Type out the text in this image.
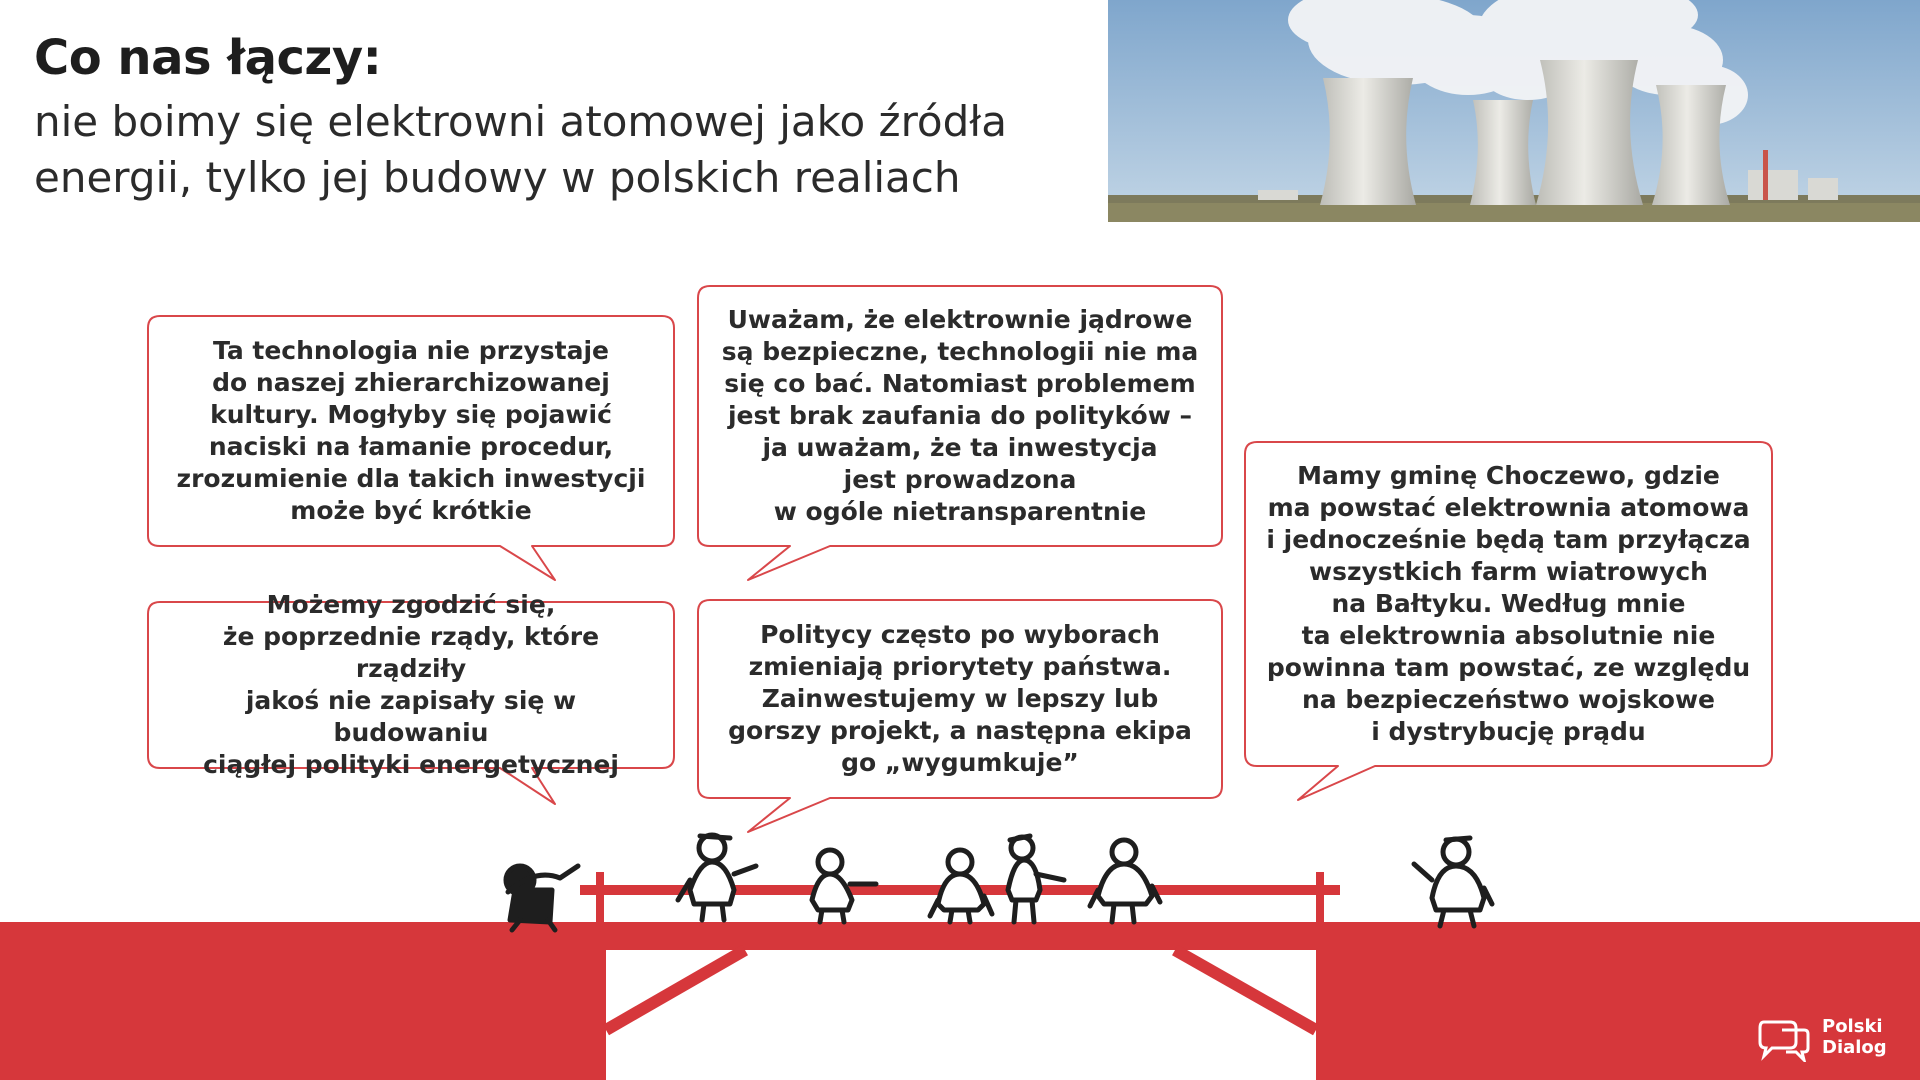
Co nas łączy:

nie boimy się elektrowni atomowej jako źródła energii, tylko jej budowy w polskich realiach

Ta technologia nie przystaje
do naszej zhierarchizowanej
kultury. Mogłyby się pojawić
naciski na łamanie procedur,
zrozumienie dla takich inwestycji
może być krótkie

Uważam, że elektrownie jądrowe
są bezpieczne, technologii nie ma
się co bać. Natomiast problemem
jest brak zaufania do polityków –
ja uważam, że ta inwestycja
jest prowadzona
w ogóle nietransparentnie

Możemy zgodzić się,
że poprzednie rządy, które rządziły
jakoś nie zapisały się w budowaniu
ciągłej polityki energetycznej

Politycy często po wyborach
zmieniają priorytety państwa.
Zainwestujemy w lepszy lub
gorszy projekt, a następna ekipa
go „wygumkuje”

Mamy gminę Choczewo, gdzie
ma powstać elektrownia atomowa
i jednocześnie będą tam przyłącza
wszystkich farm wiatrowych
na Bałtyku. Według mnie
ta elektrownia absolutnie nie
powinna tam powstać, ze względu
na bezpieczeństwo wojskowe
i dystrybucję prądu

Polski
Dialog
